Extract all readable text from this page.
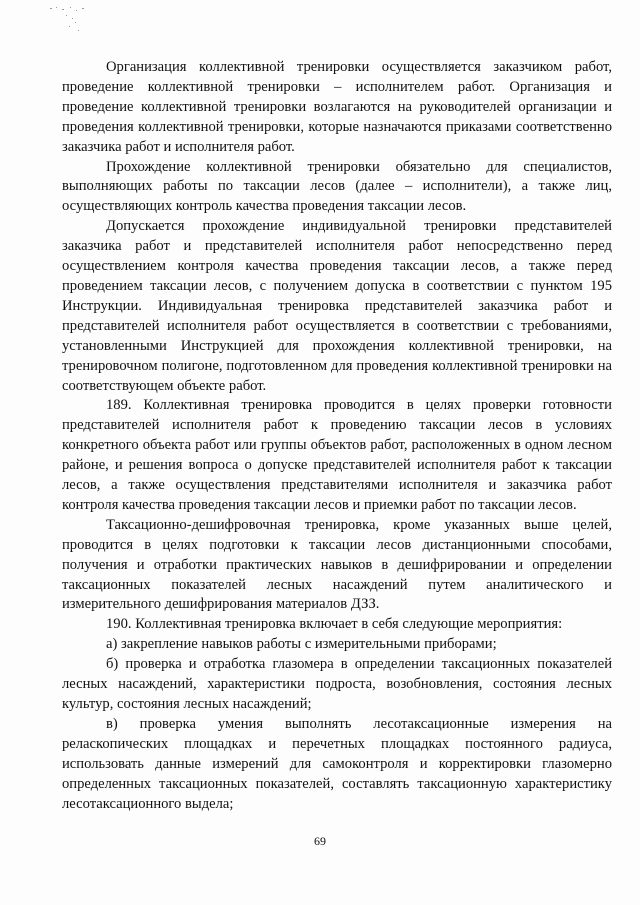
Организация коллективной тренировки осуществляется заказчиком работ, проведение коллективной тренировки – исполнителем работ. Организация и проведение коллективной тренировки возлагаются на руководителей организации и проведения коллективной тренировки, которые назначаются приказами соответственно заказчика работ и исполнителя работ.

Прохождение коллективной тренировки обязательно для специалистов, выполняющих работы по таксации лесов (далее – исполнители), а также лиц, осуществляющих контроль качества проведения таксации лесов.

Допускается прохождение индивидуальной тренировки представителей заказчика работ и представителей исполнителя работ непосредственно перед осуществлением контроля качества проведения таксации лесов, а также перед проведением таксации лесов, с получением допуска в соответствии с пунктом 195 Инструкции. Индивидуальная тренировка представителей заказчика работ и представителей исполнителя работ осуществляется в соответствии с требованиями, установленными Инструкцией для прохождения коллективной тренировки, на тренировочном полигоне, подготовленном для проведения коллективной тренировки на соответствующем объекте работ.

189. Коллективная тренировка проводится в целях проверки готовности представителей исполнителя работ к проведению таксации лесов в условиях конкретного объекта работ или группы объектов работ, расположенных в одном лесном районе, и решения вопроса о допуске представителей исполнителя работ к таксации лесов, а также осуществления представителями исполнителя и заказчика работ контроля качества проведения таксации лесов и приемки работ по таксации лесов.

Таксационно-дешифровочная тренировка, кроме указанных выше целей, проводится в целях подготовки к таксации лесов дистанционными способами, получения и отработки практических навыков в дешифрировании и определении таксационных показателей лесных насаждений путем аналитического и измерительного дешифрирования материалов ДЗЗ.

190. Коллективная тренировка включает в себя следующие мероприятия:

а) закрепление навыков работы с измерительными приборами;

б) проверка и отработка глазомера в определении таксационных показателей лесных насаждений, характеристики подроста, возобновления, состояния лесных культур, состояния лесных насаждений;

в) проверка умения выполнять лесотаксационные измерения на реласкопических площадках и перечетных площадках постоянного радиуса, использовать данные измерений для самоконтроля и корректировки глазомерно определенных таксационных показателей, составлять таксационную характеристику лесотаксационного выдела;

69
